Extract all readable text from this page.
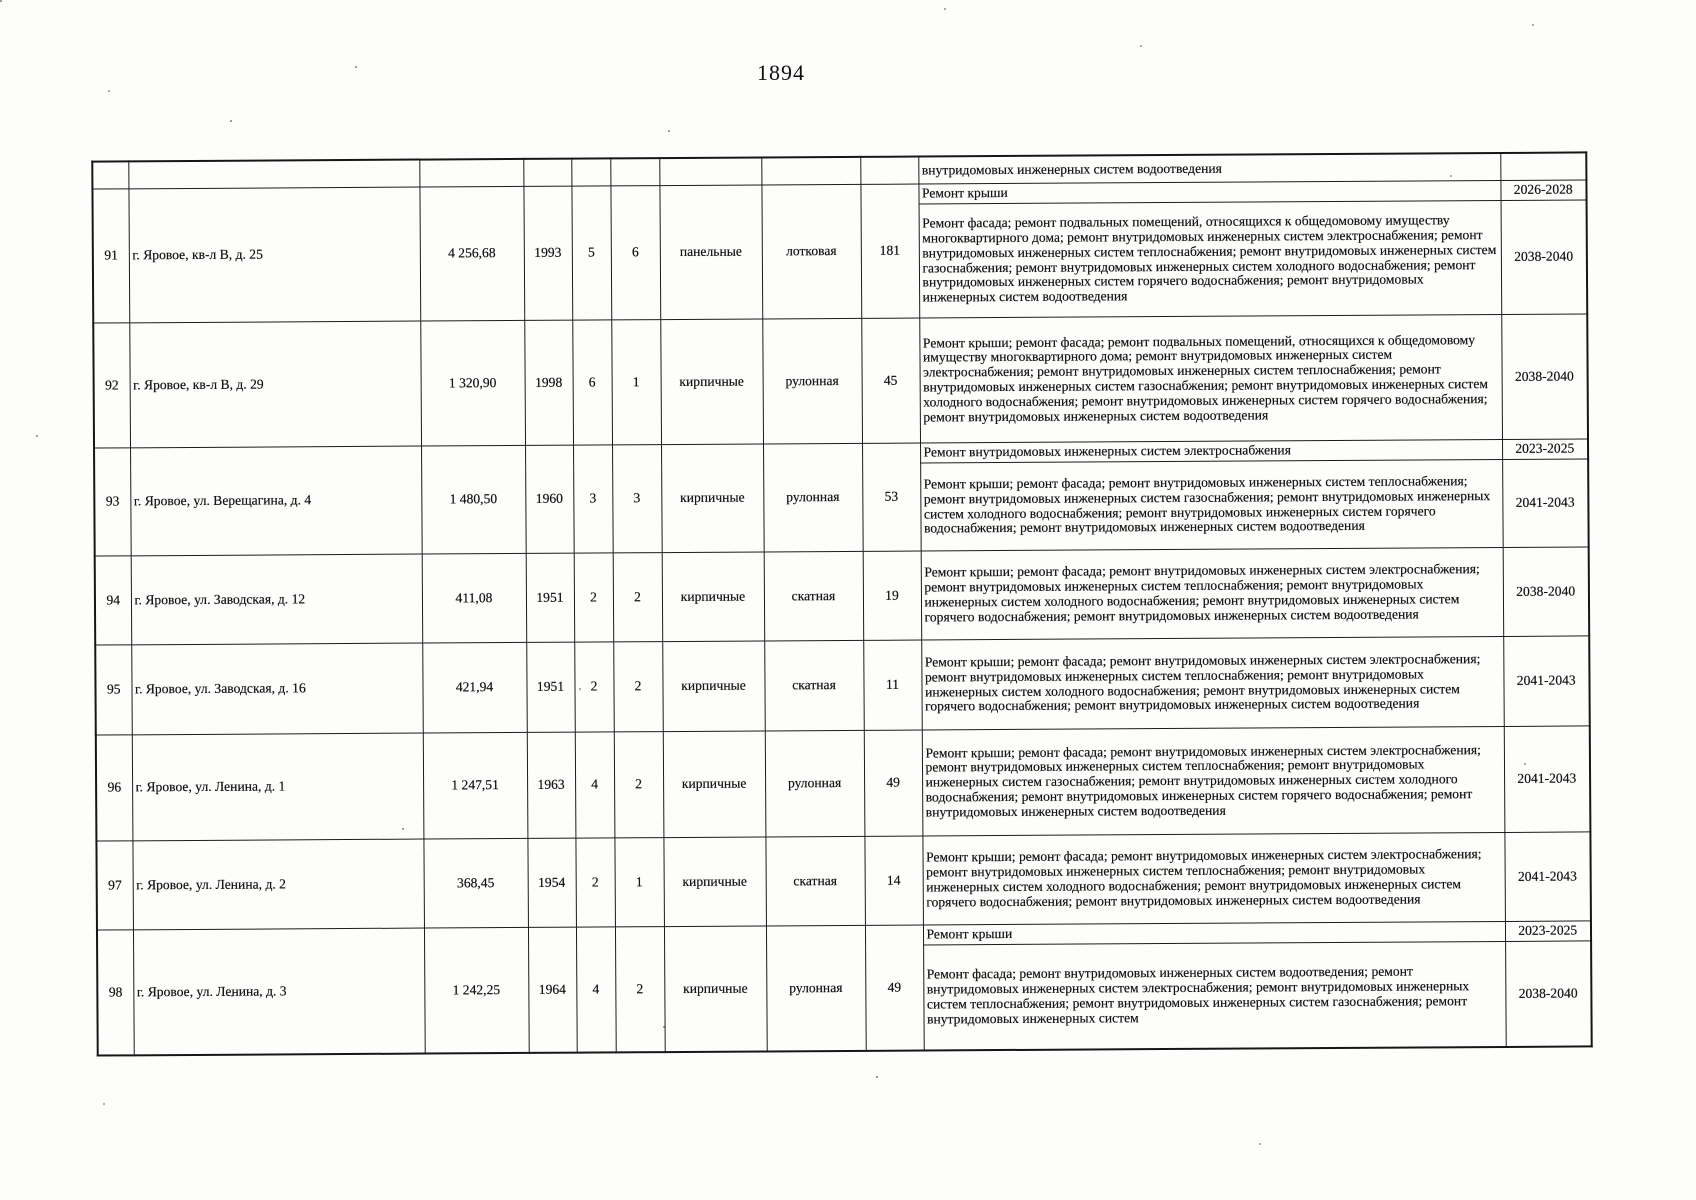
1894
									внутридомовых инженерных систем водоотведения	
91	г. Яровое, кв-л В, д. 25	4 256,68	1993	5	6	панельные	лотковая	181	Ремонт крыши	2026-2028
									Ремонт фасада; ремонт подвальных помещений, относящихся к общедомовому имуществу многоквартирного дома; ремонт внутридомовых инженерных систем электроснабжения; ремонт внутридомовых инженерных систем теплоснабжения; ремонт внутридомовых инженерных систем газоснабжения; ремонт внутридомовых инженерных систем холодного водоснабжения; ремонт внутридомовых инженерных систем горячего водоснабжения; ремонт внутридомовых инженерных систем водоотведения	2038-2040
92	г. Яровое, кв-л В, д. 29	1 320,90	1998	6	1	кирпичные	рулонная	45	Ремонт крыши; ремонт фасада; ремонт подвальных помещений, относящихся к общедомовому имуществу многоквартирного дома; ремонт внутридомовых инженерных систем электроснабжения; ремонт внутридомовых инженерных систем теплоснабжения; ремонт внутридомовых инженерных систем газоснабжения; ремонт внутридомовых инженерных систем холодного водоснабжения; ремонт внутридомовых инженерных систем горячего водоснабжения; ремонт внутридомовых инженерных систем водоотведения	2038-2040
93	г. Яровое, ул. Верещагина, д. 4	1 480,50	1960	3	3	кирпичные	рулонная	53	Ремонт внутридомовых инженерных систем электроснабжения	2023-2025
									Ремонт крыши; ремонт фасада; ремонт внутридомовых инженерных систем теплоснабжения; ремонт внутридомовых инженерных систем газоснабжения; ремонт внутридомовых инженерных систем холодного водоснабжения; ремонт внутридомовых инженерных систем горячего водоснабжения; ремонт внутридомовых инженерных систем водоотведения	2041-2043
94	г. Яровое, ул. Заводская, д. 12	411,08	1951	2	2	кирпичные	скатная	19	Ремонт крыши; ремонт фасада; ремонт внутридомовых инженерных систем электроснабжения; ремонт внутридомовых инженерных систем теплоснабжения; ремонт внутридомовых инженерных систем холодного водоснабжения; ремонт внутридомовых инженерных систем горячего водоснабжения; ремонт внутридомовых инженерных систем водоотведения	2038-2040
95	г. Яровое, ул. Заводская, д. 16	421,94	1951	2	2	кирпичные	скатная	11	Ремонт крыши; ремонт фасада; ремонт внутридомовых инженерных систем электроснабжения; ремонт внутридомовых инженерных систем теплоснабжения; ремонт внутридомовых инженерных систем холодного водоснабжения; ремонт внутридомовых инженерных систем горячего водоснабжения; ремонт внутридомовых инженерных систем водоотведения	2041-2043
96	г. Яровое, ул. Ленина, д. 1	1 247,51	1963	4	2	кирпичные	рулонная	49	Ремонт крыши; ремонт фасада; ремонт внутридомовых инженерных систем электроснабжения; ремонт внутридомовых инженерных систем теплоснабжения; ремонт внутридомовых инженерных систем газоснабжения; ремонт внутридомовых инженерных систем холодного водоснабжения; ремонт внутридомовых инженерных систем горячего водоснабжения; ремонт внутридомовых инженерных систем водоотведения	2041-2043
97	г. Яровое, ул. Ленина, д. 2	368,45	1954	2	1	кирпичные	скатная	14	Ремонт крыши; ремонт фасада; ремонт внутридомовых инженерных систем электроснабжения; ремонт внутридомовых инженерных систем теплоснабжения; ремонт внутридомовых инженерных систем холодного водоснабжения; ремонт внутридомовых инженерных систем горячего водоснабжения; ремонт внутридомовых инженерных систем водоотведения	2041-2043
98	г. Яровое, ул. Ленина, д. 3	1 242,25	1964	4	2	кирпичные	рулонная	49	Ремонт крыши	2023-2025
									Ремонт фасада; ремонт внутридомовых инженерных систем водоотведения; ремонт внутридомовых инженерных систем электроснабжения; ремонт внутридомовых инженерных систем теплоснабжения; ремонт внутридомовых инженерных систем газоснабжения; ремонт внутридомовых инженерных систем	2038-2040
